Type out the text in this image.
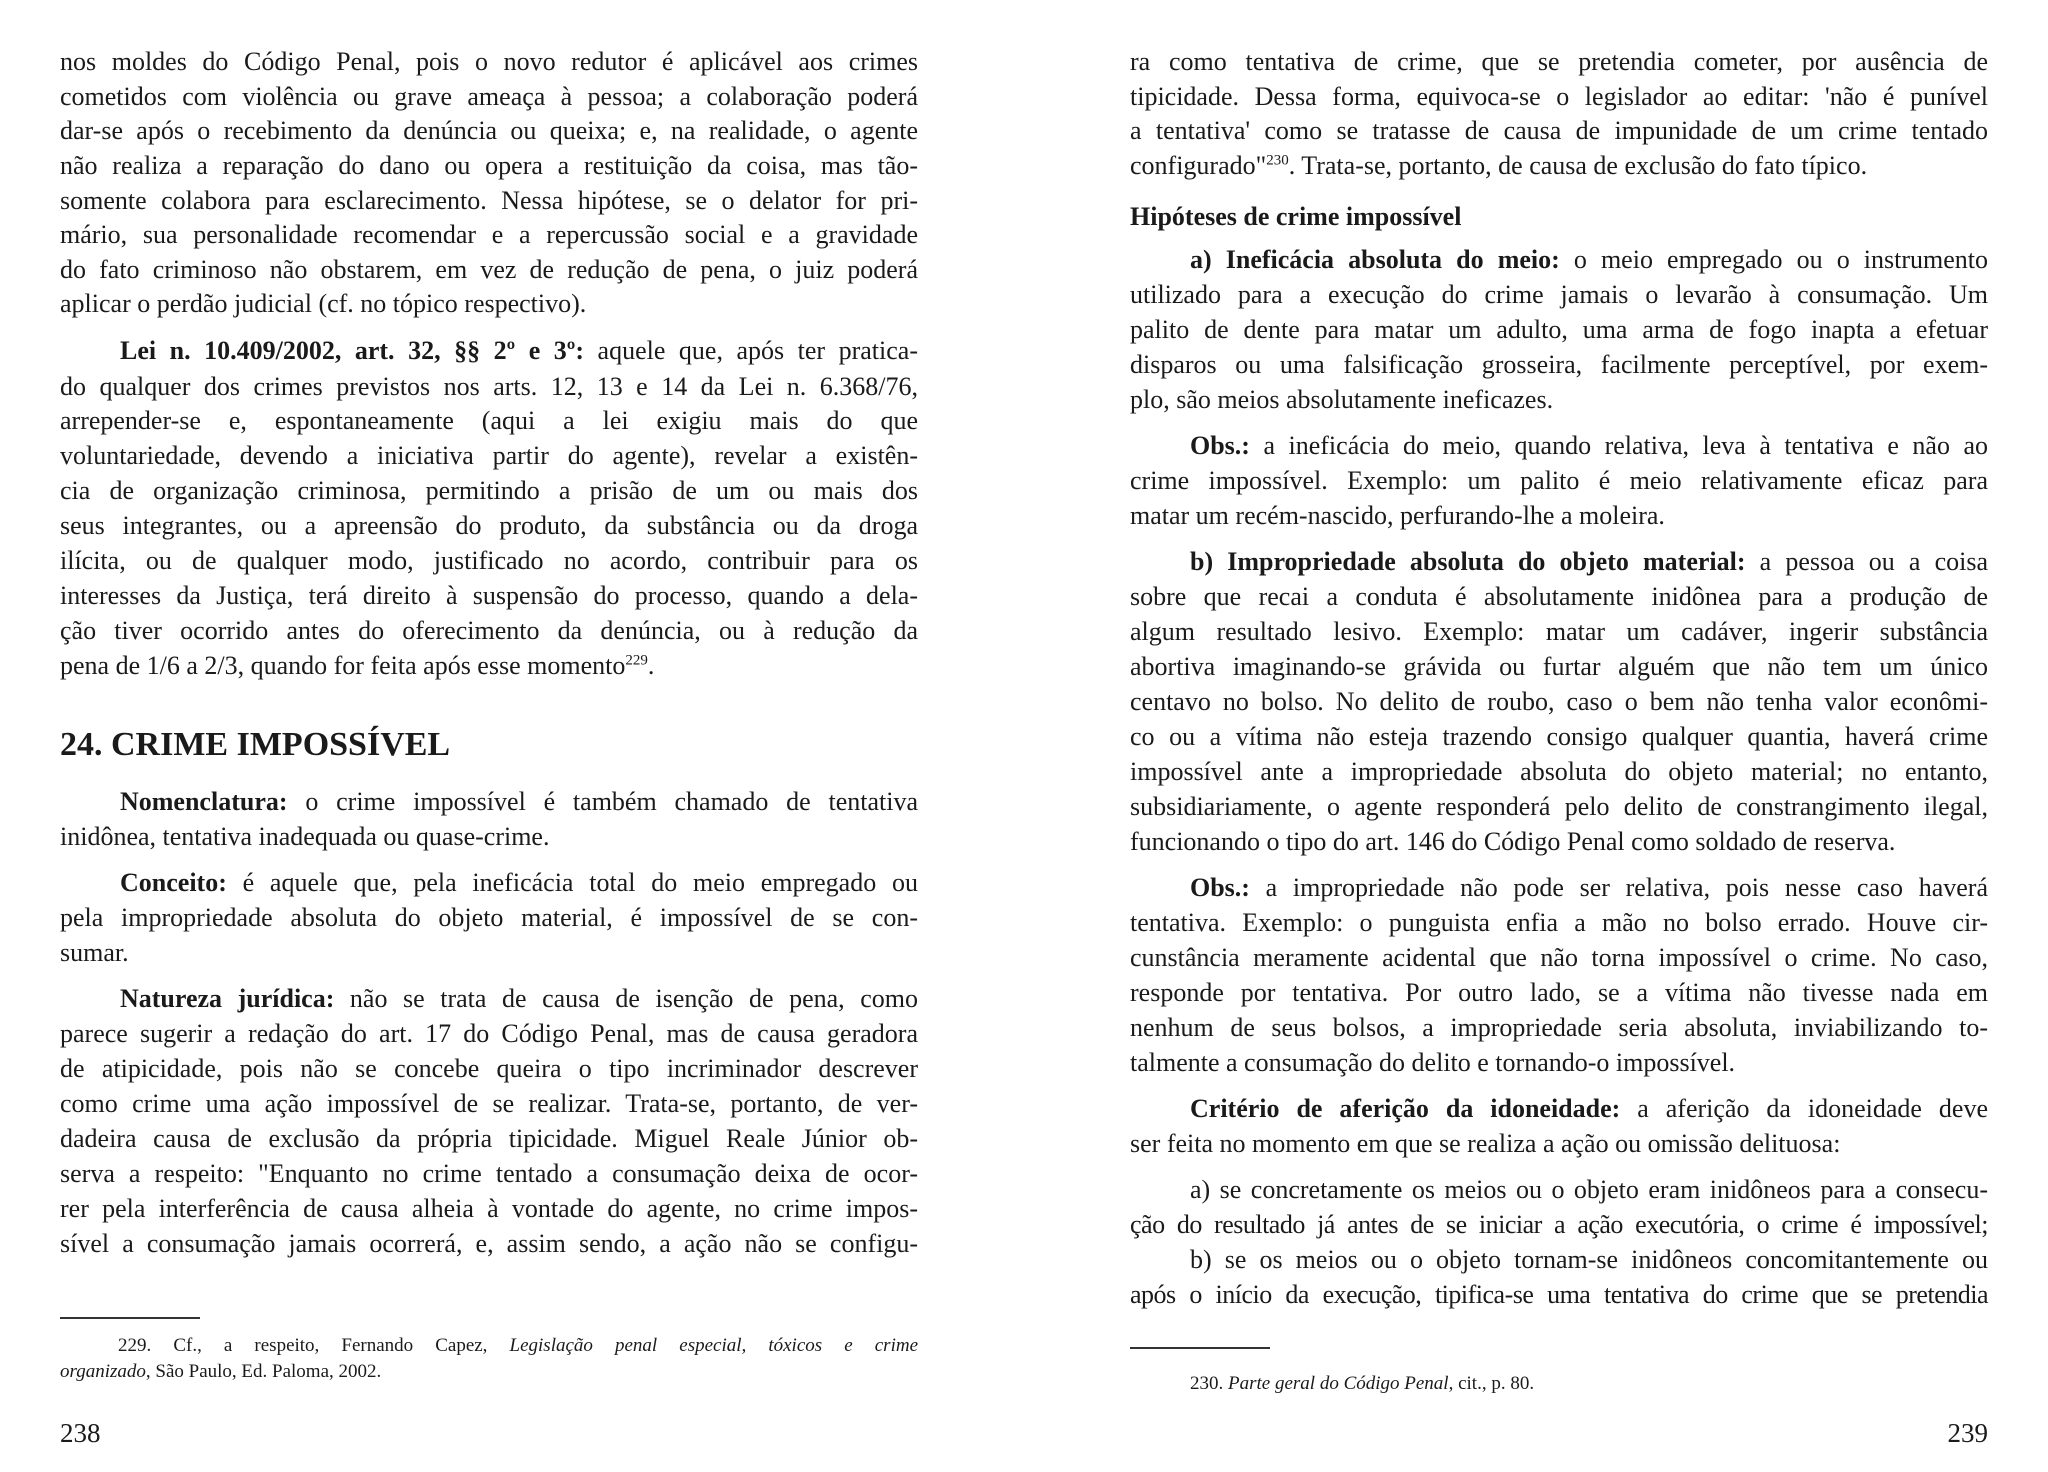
nos moldes do Código Penal, pois o novo redutor é aplicável aos crimes
cometidos com violência ou grave ameaça à pessoa; a colaboração poderá
dar-se após o recebimento da denúncia ou queixa; e, na realidade, o agente
não realiza a reparação do dano ou opera a restituição da coisa, mas tão-
somente colabora para esclarecimento. Nessa hipótese, se o delator for pri-
mário, sua personalidade recomendar e a repercussão social e a gravidade
do fato criminoso não obstarem, em vez de redução de pena, o juiz poderá
aplicar o perdão judicial (cf. no tópico respectivo).
Lei n. 10.409/2002, art. 32, §§ 2º e 3º: aquele que, após ter pratica-
do qualquer dos crimes previstos nos arts. 12, 13 e 14 da Lei n. 6.368/76,
arrepender-se e, espontaneamente (aqui a lei exigiu mais do que
voluntariedade, devendo a iniciativa partir do agente), revelar a existên-
cia de organização criminosa, permitindo a prisão de um ou mais dos
seus integrantes, ou a apreensão do produto, da substância ou da droga
ilícita, ou de qualquer modo, justificado no acordo, contribuir para os
interesses da Justiça, terá direito à suspensão do processo, quando a dela-
ção tiver ocorrido antes do oferecimento da denúncia, ou à redução da
pena de 1/6 a 2/3, quando for feita após esse momento$^{229}$.
24. CRIME IMPOSSÍVEL
Nomenclatura: o crime impossível é também chamado de tentativa
inidônea, tentativa inadequada ou quase-crime.
Conceito: é aquele que, pela ineficácia total do meio empregado ou
pela impropriedade absoluta do objeto material, é impossível de se con-
sumar.
Natureza jurídica: não se trata de causa de isenção de pena, como
parece sugerir a redação do art. 17 do Código Penal, mas de causa geradora
de atipicidade, pois não se concebe queira o tipo incriminador descrever
como crime uma ação impossível de se realizar. Trata-se, portanto, de ver-
dadeira causa de exclusão da própria tipicidade. Miguel Reale Júnior ob-
serva a respeito: "Enquanto no crime tentado a consumação deixa de ocor-
rer pela interferência de causa alheia à vontade do agente, no crime impos-
sível a consumação jamais ocorrerá, e, assim sendo, a ação não se configu-
229. Cf., a respeito, Fernando Capez, Legislação penal especial, tóxicos e crime
organizado, São Paulo, Ed. Paloma, 2002.
238
ra como tentativa de crime, que se pretendia cometer, por ausência de
tipicidade. Dessa forma, equivoca-se o legislador ao editar: 'não é punível
a tentativa' como se tratasse de causa de impunidade de um crime tentado
configurado"$^{230}$. Trata-se, portanto, de causa de exclusão do fato típico.
Hipóteses de crime impossível
a) Ineficácia absoluta do meio: o meio empregado ou o instrumento
utilizado para a execução do crime jamais o levarão à consumação. Um
palito de dente para matar um adulto, uma arma de fogo inapta a efetuar
disparos ou uma falsificação grosseira, facilmente perceptível, por exem-
plo, são meios absolutamente ineficazes.
Obs.: a ineficácia do meio, quando relativa, leva à tentativa e não ao
crime impossível. Exemplo: um palito é meio relativamente eficaz para
matar um recém-nascido, perfurando-lhe a moleira.
b) Impropriedade absoluta do objeto material: a pessoa ou a coisa
sobre que recai a conduta é absolutamente inidônea para a produção de
algum resultado lesivo. Exemplo: matar um cadáver, ingerir substância
abortiva imaginando-se grávida ou furtar alguém que não tem um único
centavo no bolso. No delito de roubo, caso o bem não tenha valor econômi-
co ou a vítima não esteja trazendo consigo qualquer quantia, haverá crime
impossível ante a impropriedade absoluta do objeto material; no entanto,
subsidiariamente, o agente responderá pelo delito de constrangimento ilegal,
funcionando o tipo do art. 146 do Código Penal como soldado de reserva.
Obs.: a impropriedade não pode ser relativa, pois nesse caso haverá
tentativa. Exemplo: o punguista enfia a mão no bolso errado. Houve cir-
cunstância meramente acidental que não torna impossível o crime. No caso,
responde por tentativa. Por outro lado, se a vítima não tivesse nada em
nenhum de seus bolsos, a impropriedade seria absoluta, inviabilizando to-
talmente a consumação do delito e tornando-o impossível.
Critério de aferição da idoneidade: a aferição da idoneidade deve
ser feita no momento em que se realiza a ação ou omissão delituosa:
a) se concretamente os meios ou o objeto eram inidôneos para a consecu-
ção do resultado já antes de se iniciar a ação executória, o crime é impossível;
b) se os meios ou o objeto tornam-se inidôneos concomitantemente ou
após o início da execução, tipifica-se uma tentativa do crime que se pretendia
230. Parte geral do Código Penal, cit., p. 80.
239
